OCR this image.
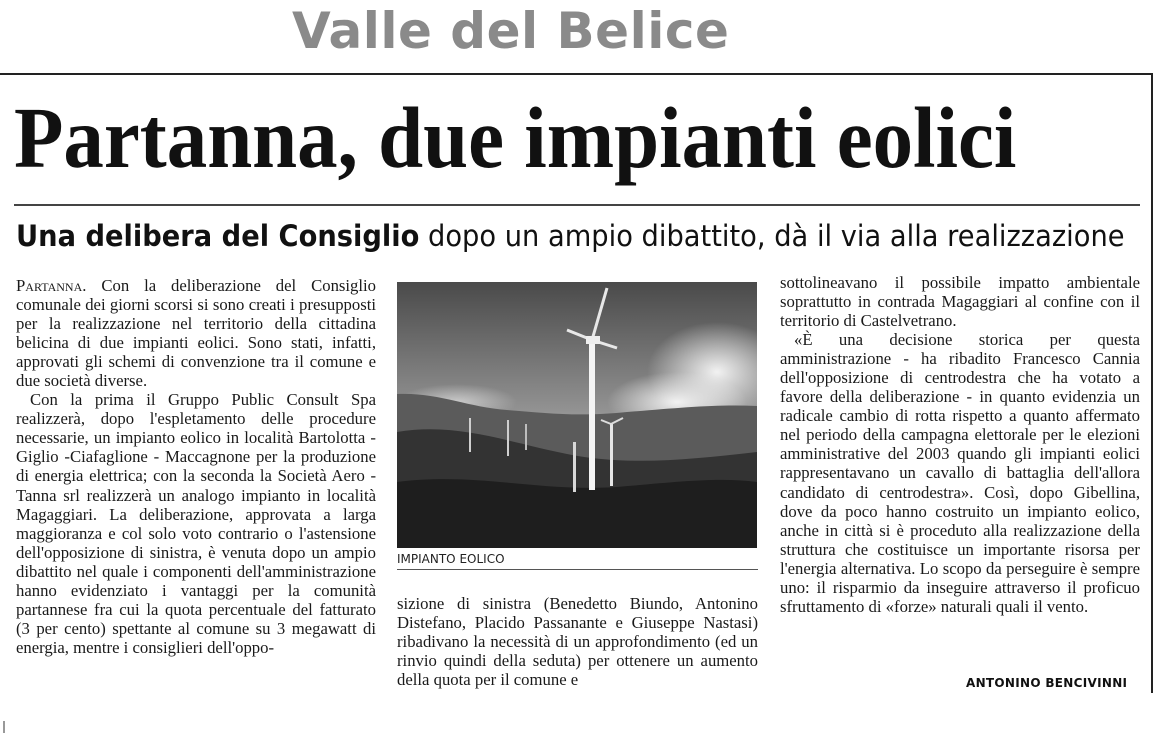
Valle del Belice
Partanna, due impianti eolici
Una delibera del Consiglio dopo un ampio dibattito, dà il via alla realizzazione

Partanna. Con la deliberazione del Consiglio comunale dei giorni scorsi si sono creati i presupposti per la realizzazione nel territorio della cittadina belicina di due impianti eolici. Sono stati, infatti, approvati gli schemi di convenzione tra il comune e due società diverse.

Con la prima il Gruppo Public Consult Spa realizzerà, dopo l'espletamento delle procedure necessarie, un impianto eolico in località Bartolotta - Giglio -Ciafaglione - Maccagnone per la produzione di energia elettrica; con la seconda la Società Aero -Tanna srl realizzerà un analogo impianto in località Magaggiari. La deliberazione, approvata a larga maggioranza e col solo voto contrario o l'astensione dell'opposizione di sinistra, è venuta dopo un ampio dibattito nel quale i componenti dell'amministrazione hanno evidenziato i vantaggi per la comunità partannese fra cui la quota percentuale del fatturato (3 per cento) spettante al comune su 3 megawatt di energia, mentre i consiglieri dell'oppo-

IMPIANTO EOLICO

sizione di sinistra (Benedetto Biundo, Antonino Distefano, Placido Passanante e Giuseppe Nastasi) ribadivano la necessità di un approfondimento (ed un rinvio quindi della seduta) per ottenere un aumento della quota per il comune e

sottolineavano il possibile impatto ambientale soprattutto in contrada Magaggiari al confine con il territorio di Castelvetrano.

«È una decisione storica per questa amministrazione - ha ribadito Francesco Cannia dell'opposizione di centrodestra che ha votato a favore della deliberazione - in quanto evidenzia un radicale cambio di rotta rispetto a quanto affermato nel periodo della campagna elettorale per le elezioni amministrative del 2003 quando gli impianti eolici rappresentavano un cavallo di battaglia dell'allora candidato di centrodestra». Così, dopo Gibellina, dove da poco hanno costruito un impianto eolico, anche in città si è proceduto alla realizzazione della struttura che costituisce un importante risorsa per l'energia alternativa. Lo scopo da perseguire è sempre uno: il risparmio da inseguire attraverso il proficuo sfruttamento di «forze» naturali quali il vento.

ANTONINO BENCIVINNI
